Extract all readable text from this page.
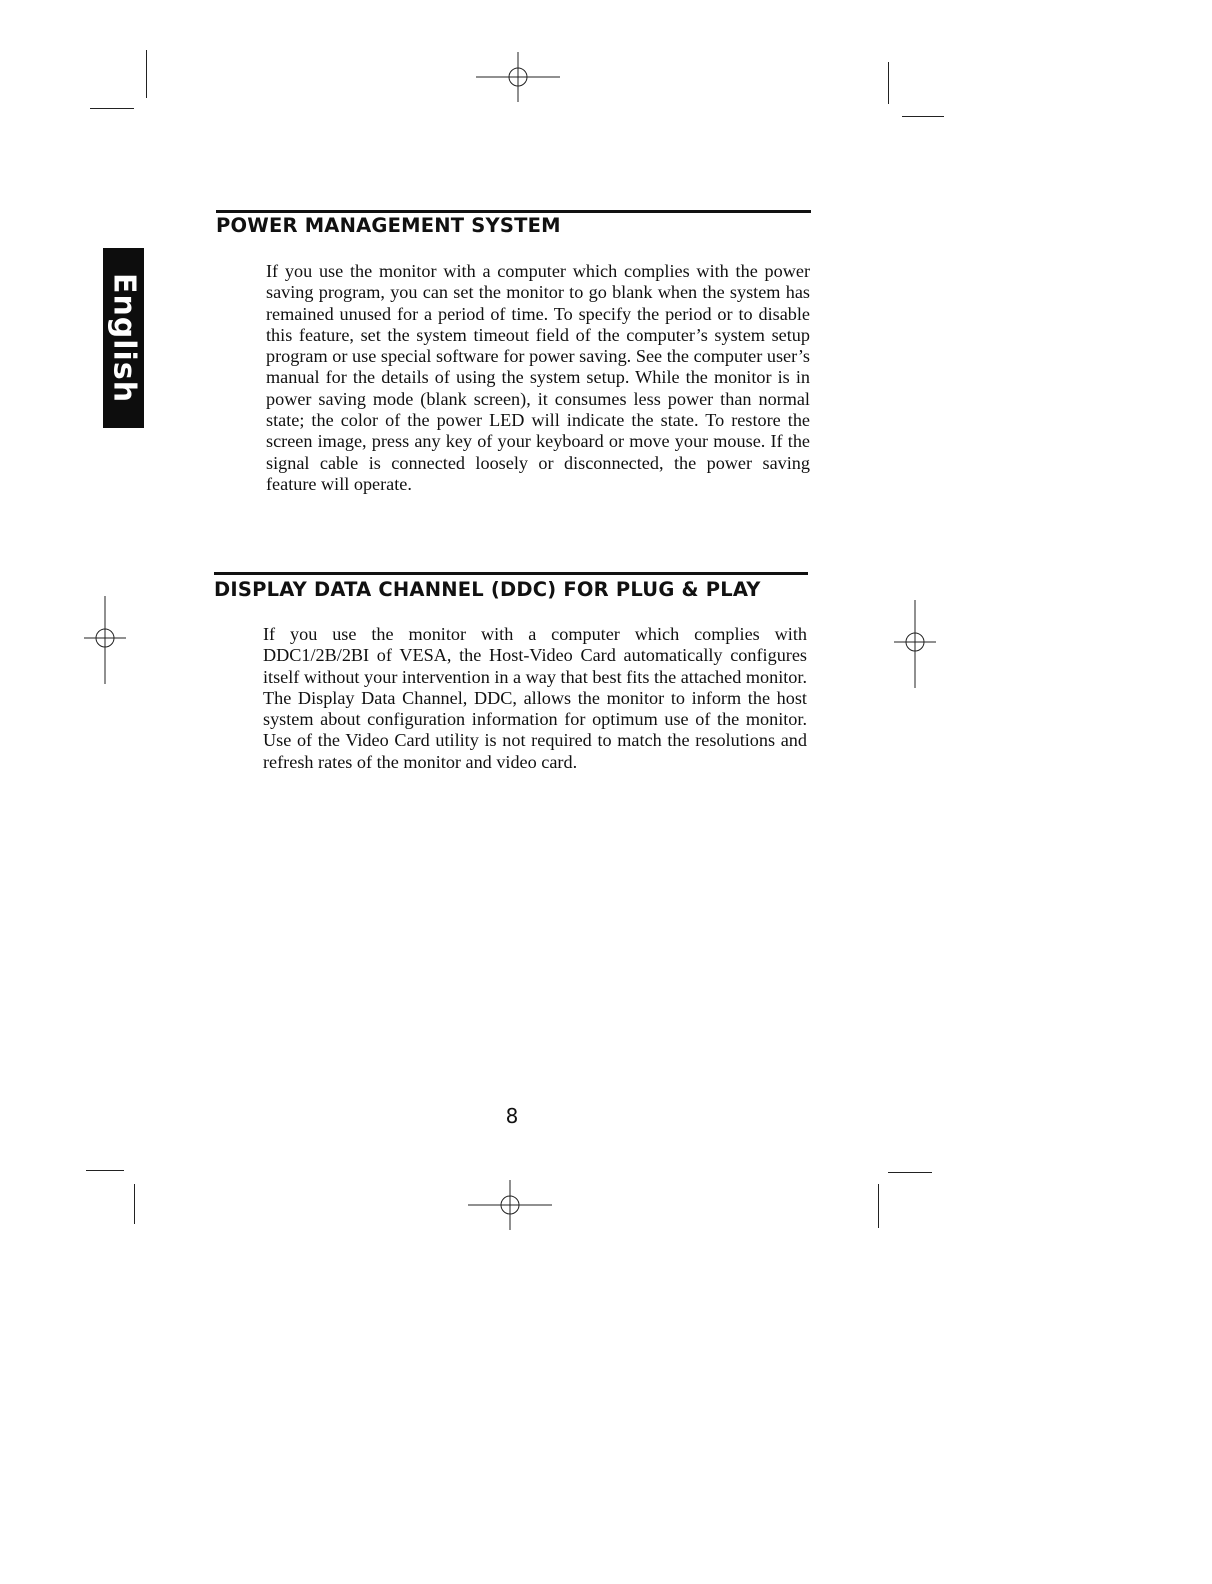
English
POWER MANAGEMENT SYSTEM

If you use the monitor with a computer which complies with the power saving program, you can set the monitor to go blank when the system has remained unused for a period of time. To specify the period or to disable this feature, set the system timeout field of the computer’s system setup program or use special software for power saving. See the computer user’s manual for the details of using the system setup. While the monitor is in power saving mode (blank screen), it consumes less power than normal state; the color of the power LED will indicate the state. To restore the screen image, press any key of your keyboard or move your mouse. If the signal cable is connected loosely or disconnected, the power saving feature will operate.

DISPLAY DATA CHANNEL (DDC) FOR PLUG & PLAY

If you use the monitor with a computer which complies with DDC1/2B/2BI of VESA, the Host-Video Card automatically configures itself without your intervention in a way that best fits the attached monitor. The Display Data Channel, DDC, allows the monitor to inform the host system about configuration information for optimum use of the monitor. Use of the Video Card utility is not required to match the resolutions and refresh rates of the monitor and video card.

8
